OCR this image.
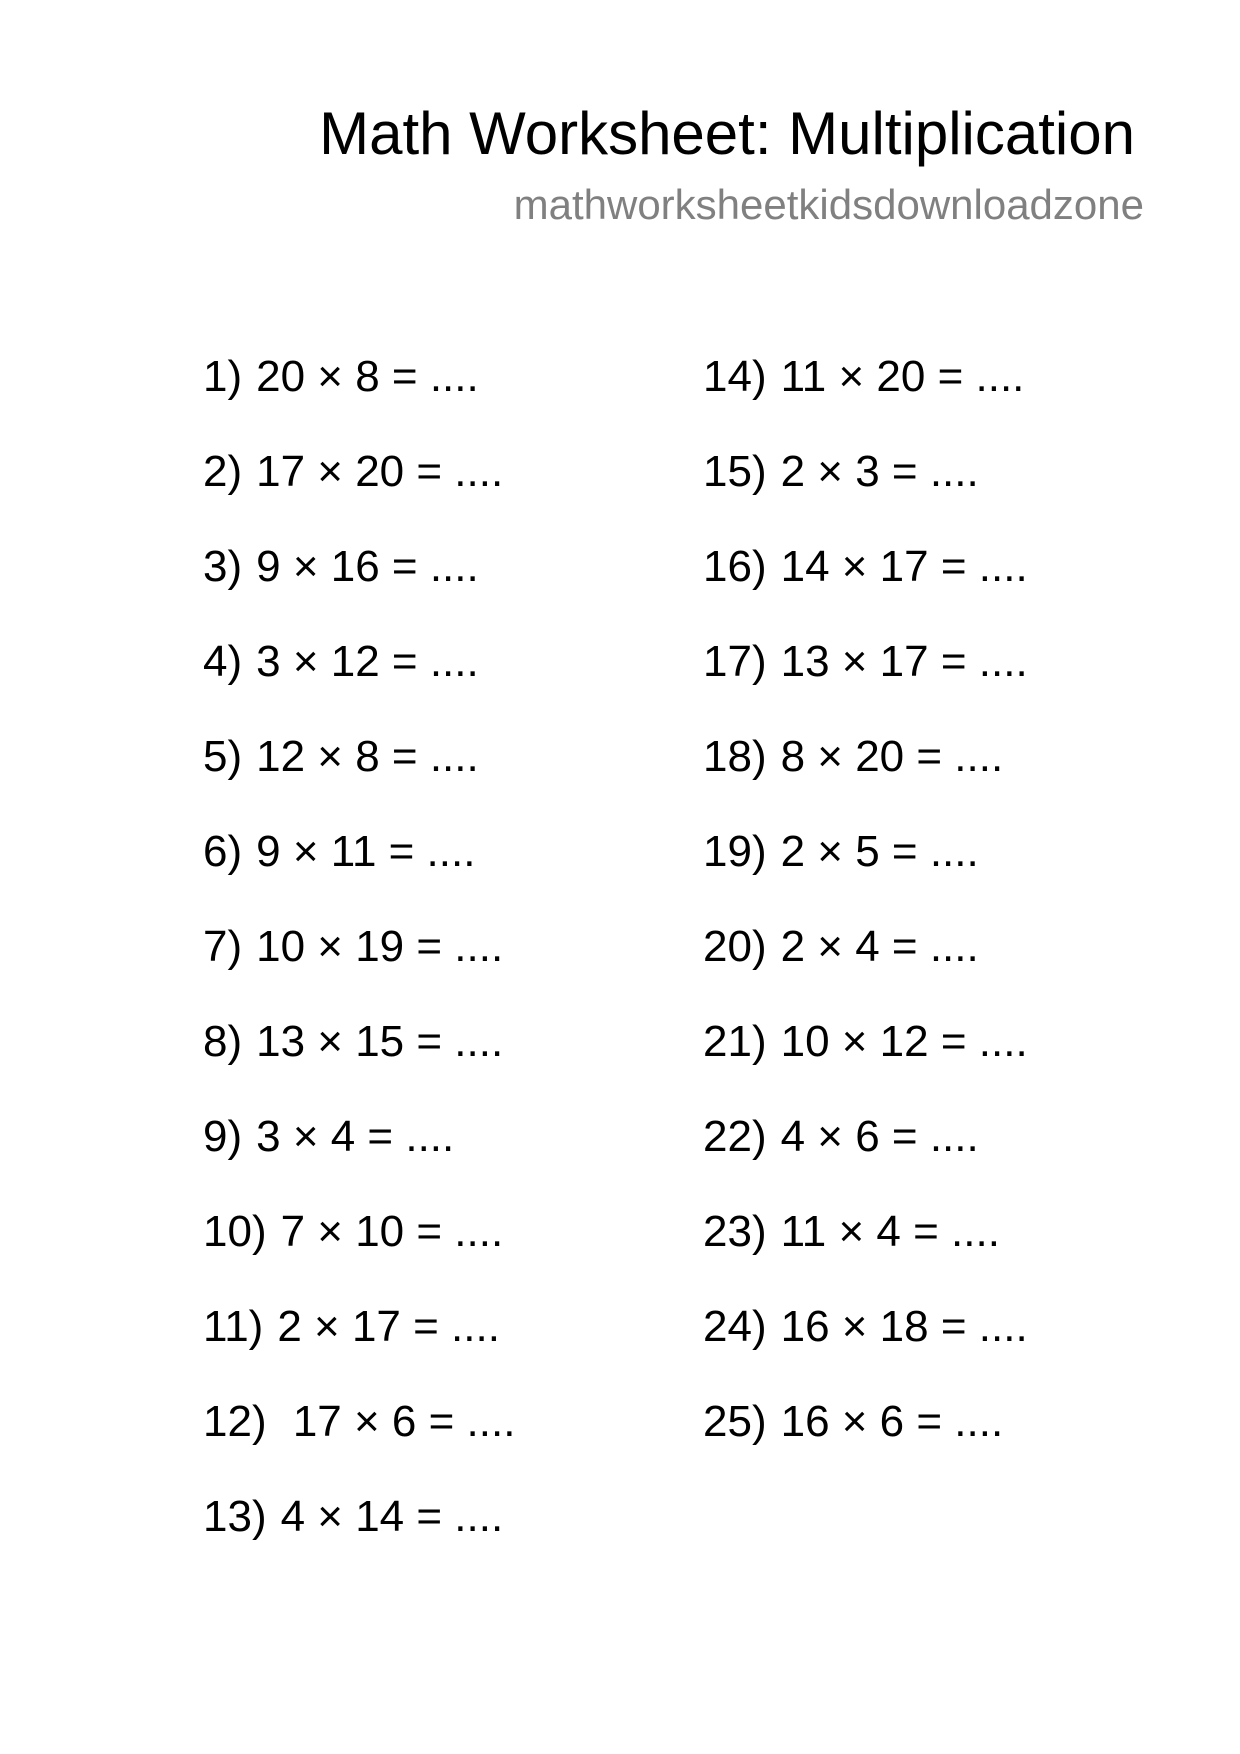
Math Worksheet: Multiplication
mathworksheetkidsdownloadzone
1) 20 × 8 = ....
2) 17 × 20 = ....
3) 9 × 16 = ....
4) 3 × 12 = ....
5) 12 × 8 = ....
6) 9 × 11 = ....
7) 10 × 19 = ....
8) 13 × 15 = ....
9) 3 × 4 = ....
10) 7 × 10 = ....
11) 2 × 17 = ....
12) 17 × 6 = ....
13) 4 × 14 = ....
14) 11 × 20 = ....
15) 2 × 3 = ....
16) 14 × 17 = ....
17) 13 × 17 = ....
18) 8 × 20 = ....
19) 2 × 5 = ....
20) 2 × 4 = ....
21) 10 × 12 = ....
22) 4 × 6 = ....
23) 11 × 4 = ....
24) 16 × 18 = ....
25) 16 × 6 = ....
